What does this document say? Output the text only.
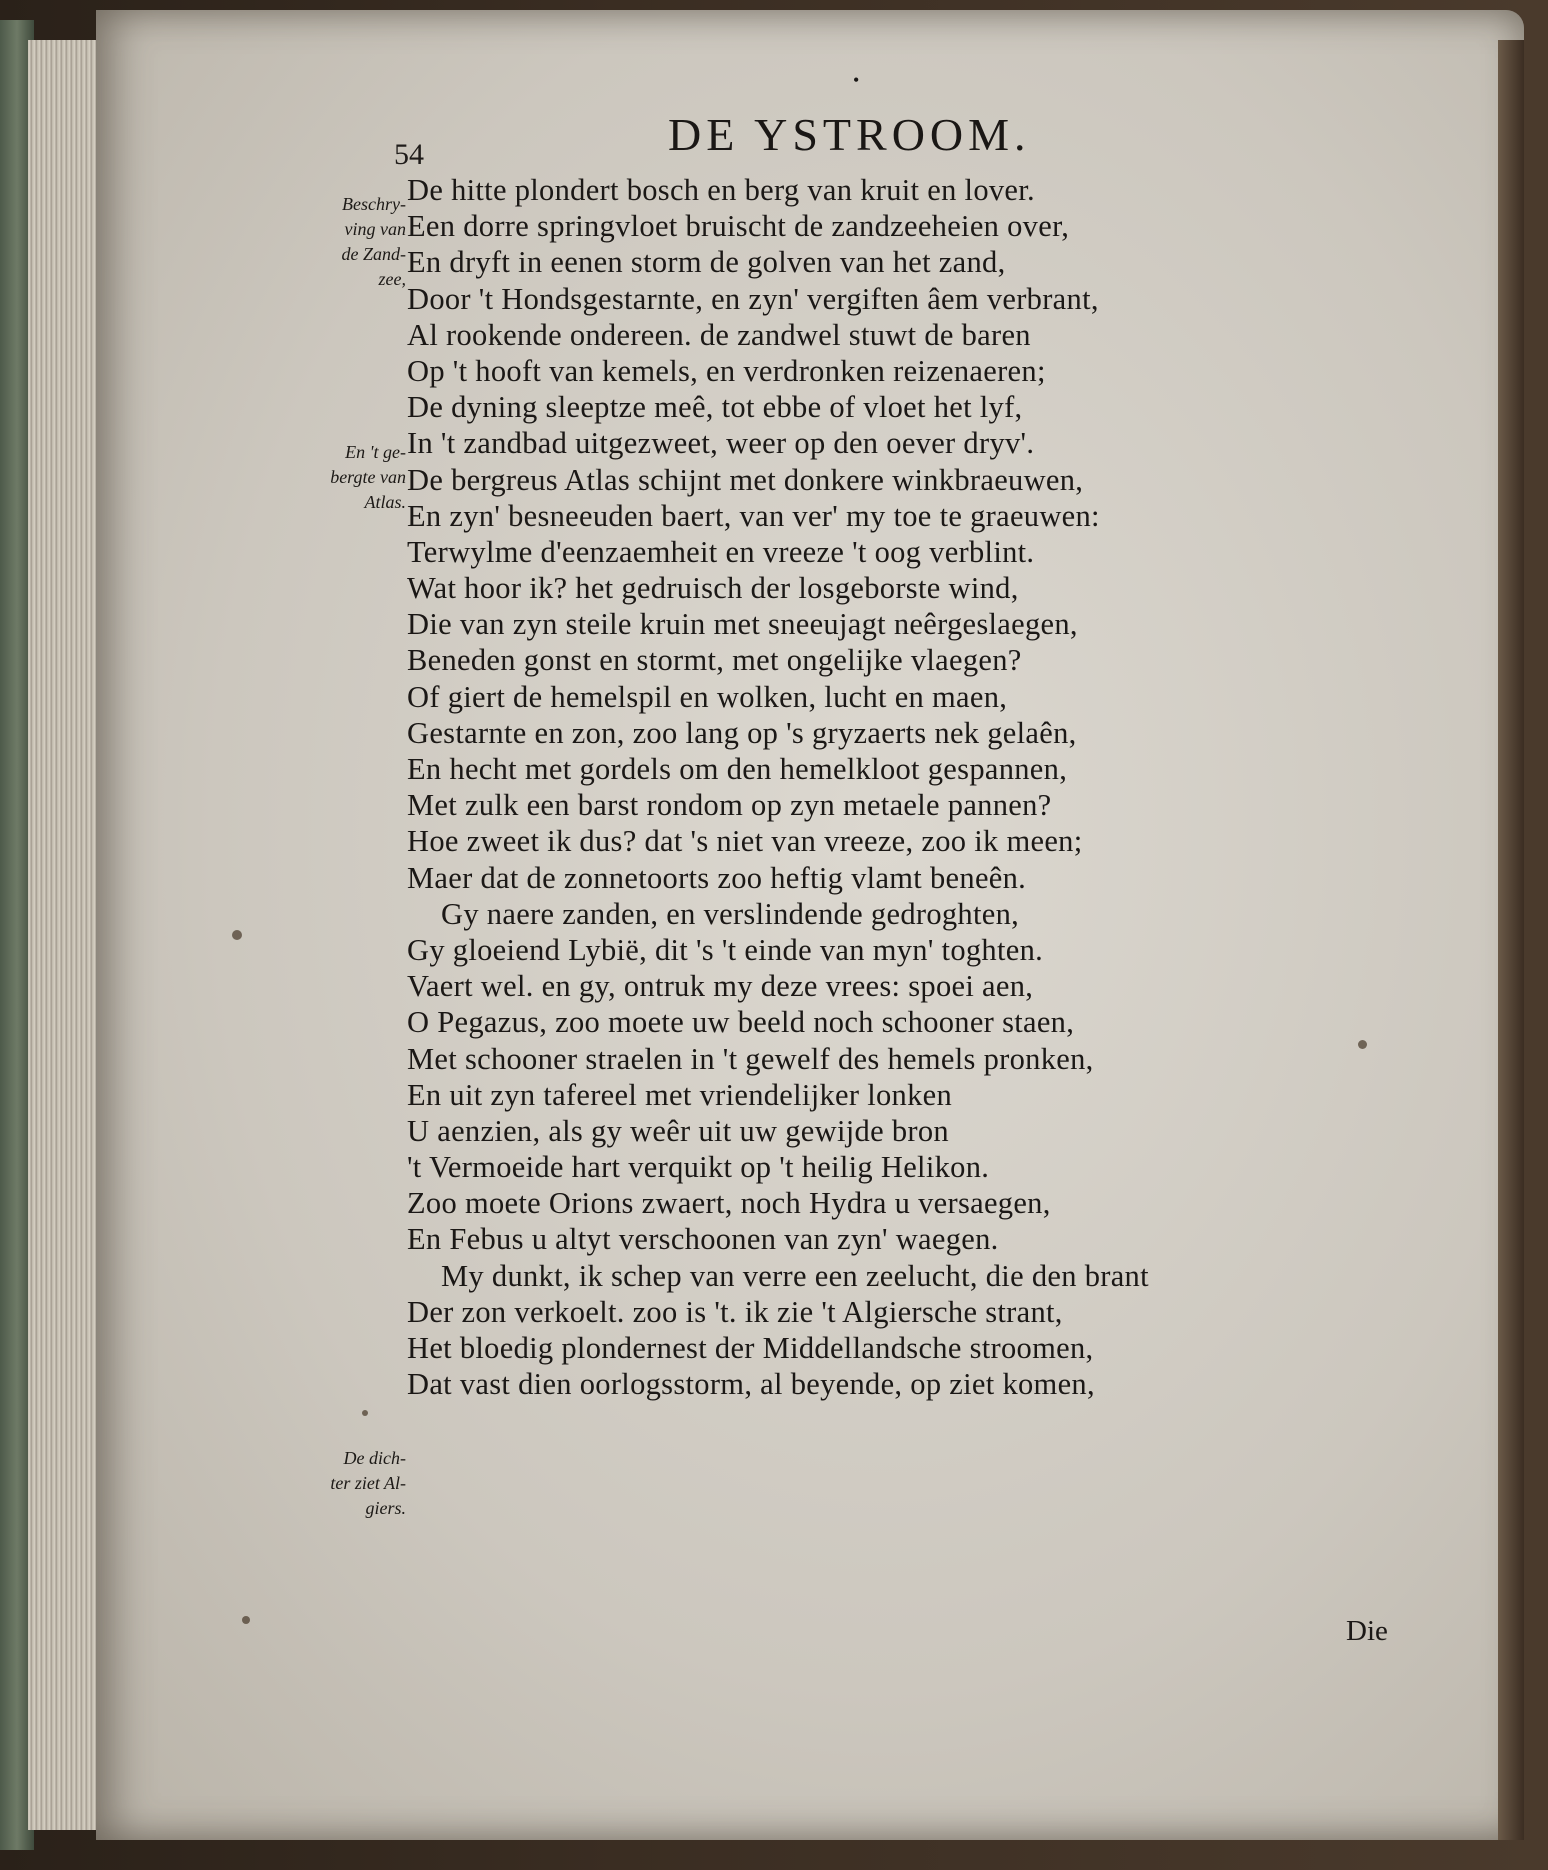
•
54	DE YSTROOM.
Beschry-
ving van
de Zand-
zee,
En 't ge-
bergte van
Atlas.
De dich-
ter ziet Al-
giers.
De hitte plondert bosch en berg van kruit en lover.
Een dorre springvloet bruischt de zandzeeheien over,
En dryft in eenen storm de golven van het zand,
Door 't Hondsgestarnte, en zyn' vergiften âem verbrant,
Al rookende ondereen. de zandwel stuwt de baren
Op 't hooft van kemels, en verdronken reizenaeren;
De dyning sleeptze meê, tot ebbe of vloet het lyf,
In 't zandbad uitgezweet, weer op den oever dryv'.
De bergreus Atlas schijnt met donkere winkbraeuwen,
En zyn' besneeuden baert, van ver' my toe te graeuwen:
Terwylme d'eenzaemheit en vreeze 't oog verblint.
Wat hoor ik? het gedruisch der losgeborste wind,
Die van zyn steile kruin met sneeujagt neêrgeslaegen,
Beneden gonst en stormt, met ongelijke vlaegen?
Of giert de hemelspil en wolken, lucht en maen,
Gestarnte en zon, zoo lang op 's gryzaerts nek gelaên,
En hecht met gordels om den hemelkloot gespannen,
Met zulk een barst rondom op zyn metaele pannen?
Hoe zweet ik dus? dat 's niet van vreeze, zoo ik meen;
Maer dat de zonnetoorts zoo heftig vlamt beneên.
Gy naere zanden, en verslindende gedroghten,
Gy gloeiend Lybië, dit 's 't einde van myn' toghten.
Vaert wel. en gy, ontruk my deze vrees: spoei aen,
O Pegazus, zoo moete uw beeld noch schooner staen,
Met schooner straelen in 't gewelf des hemels pronken,
En uit zyn tafereel met vriendelijker lonken
U aenzien, als gy weêr uit uw gewijde bron
't Vermoeide hart verquikt op 't heilig Helikon.
Zoo moete Orions zwaert, noch Hydra u versaegen,
En Febus u altyt verschoonen van zyn' waegen.
My dunkt, ik schep van verre een zeelucht, die den brant
Der zon verkoelt. zoo is 't. ik zie 't Algiersche strant,
Het bloedig plondernest der Middellandsche stroomen,
Dat vast dien oorlogsstorm, al beyende, op ziet komen,
Die
